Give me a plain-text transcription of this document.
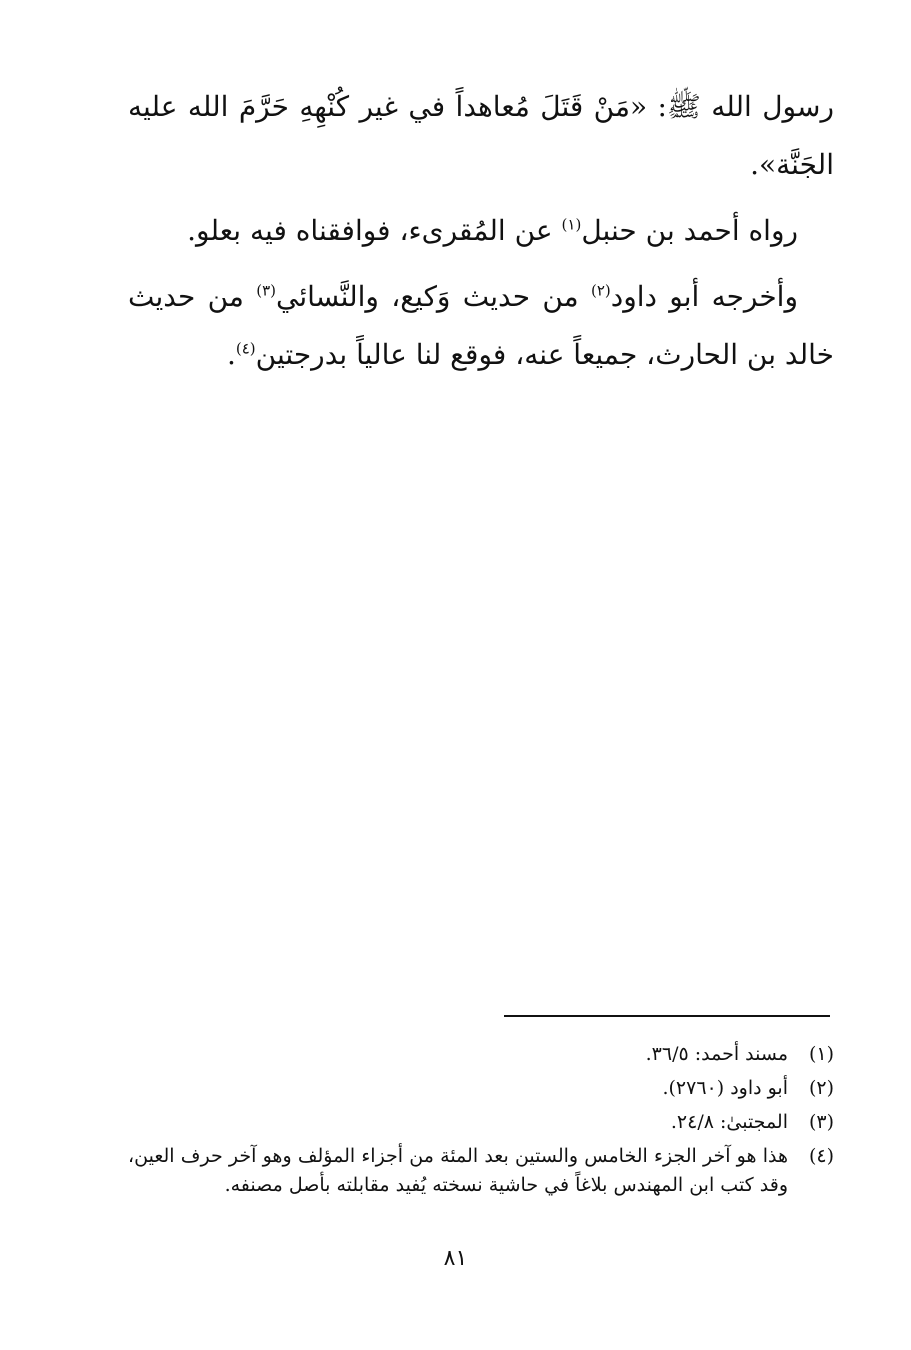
رسول الله ﷺ: «مَنْ قَتَلَ مُعاهداً في غير كُنْهِهِ حَرَّمَ الله عليه الجَنَّة».

رواه أحمد بن حنبل$^{(١)}$ عن المُقرىء، فوافقناه فيه بعلو.

وأخرجه أبو داود$^{(٢)}$ من حديث وَكيع، والنَّسائي$^{(٣)}$ من حديث خالد بن الحارث، جميعاً عنه، فوقع لنا عالياً بدرجتين$^{(٤)}$.

(١)
مسند أحمد: ٣٦/٥.
(٢)
أبو داود (٢٧٦٠).
(٣)
المجتبىٰ: ٢٤/٨.
(٤)
هذا هو آخر الجزء الخامس والستين بعد المئة من أجزاء المؤلف وهو آخر حرف العين، وقد كتب ابن المهندس بلاغاً في حاشية نسخته يُفيد مقابلته بأصل مصنفه.
٨١
